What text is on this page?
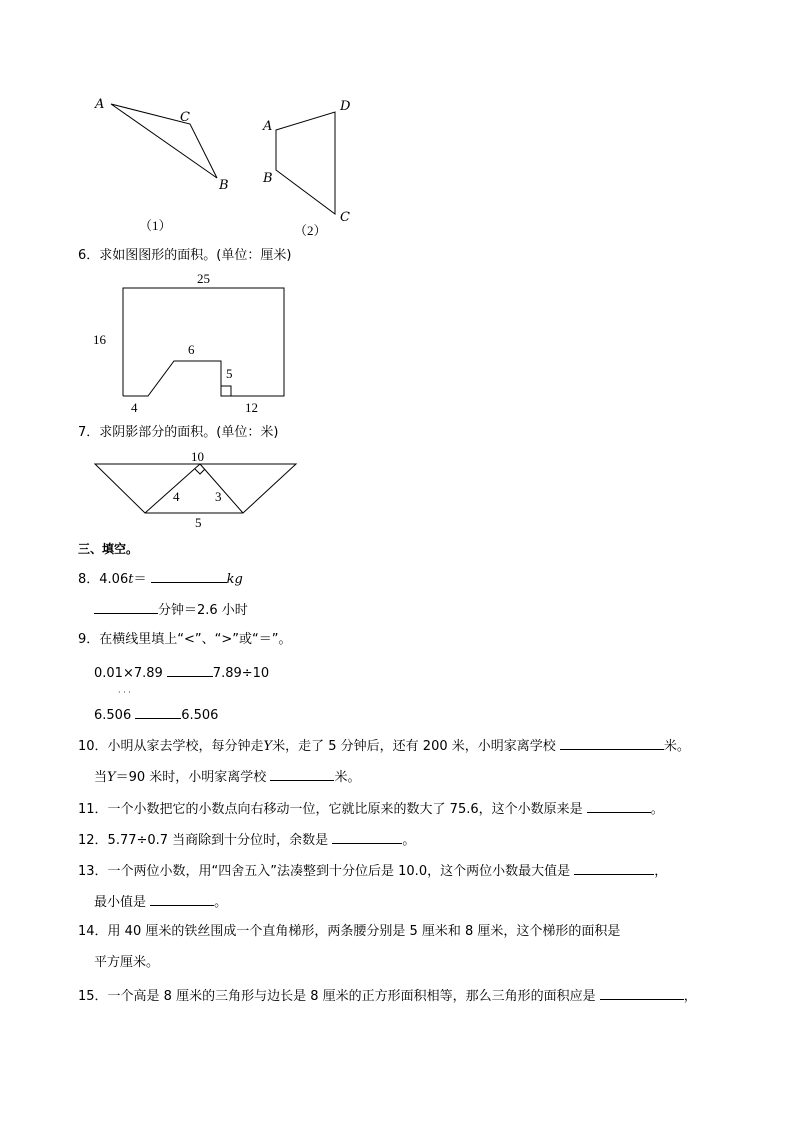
A
C
B
（1）
D
A
B
C
（2）
6．求如图图形的面积。(单位：厘米)
25
16
6
5
4	12
7．求阴影部分的面积。(单位：米)
10
4	3
5
三、填空。
8．4.06t＝	kg
分钟＝2.6 小时
9．在横线里填上“<”、“>”或“＝”。
0.01×7.89	7.89÷10
· · ·
6.506	6.506
10．小明从家去学校，每分钟走Y米，走了 5 分钟后，还有 200 米，小明家离学校	米。
当Y＝90 米时，小明家离学校	米。
11．一个小数把它的小数点向右移动一位，它就比原来的数大了 75.6，这个小数原来是	。
12．5.77÷0.7 当商除到十分位时，余数是	。
13．一个两位小数，用“四舍五入”法凑整到十分位后是 10.0，这个两位小数最大值是	，
最小值是	。
14．用 40 厘米的铁丝围成一个直角梯形，两条腰分别是 5 厘米和 8 厘米，这个梯形的面积是
平方厘米。
15．一个高是 8 厘米的三角形与边长是 8 厘米的正方形面积相等，那么三角形的面积应是	，
